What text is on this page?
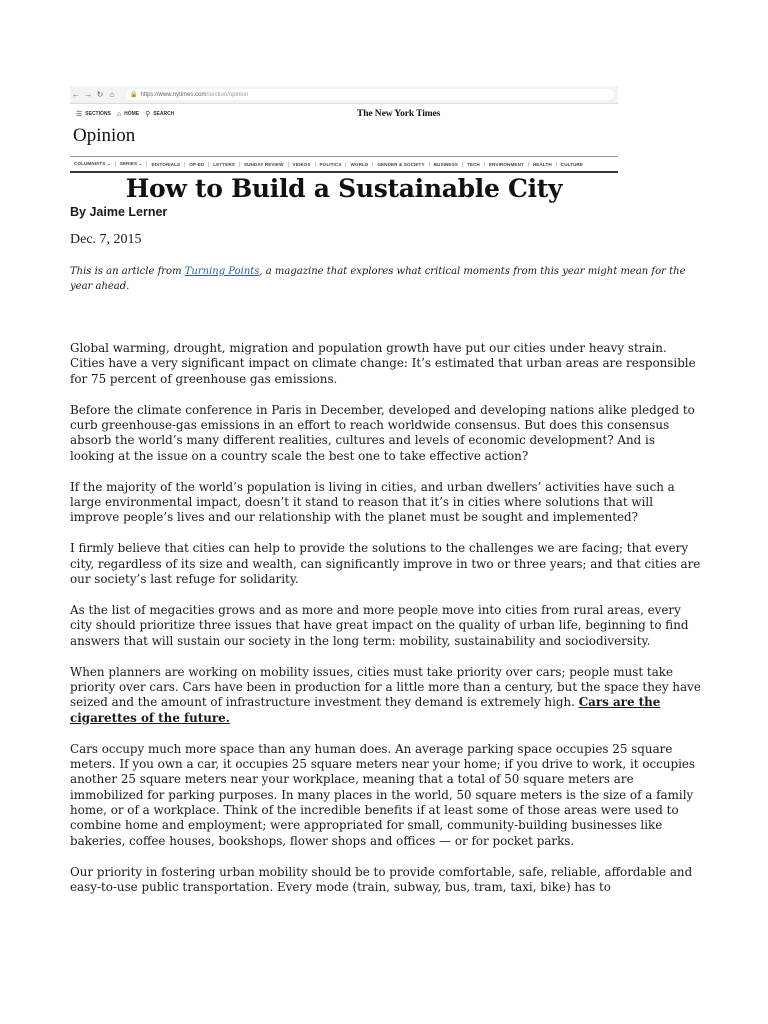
← → ↻ ⌂	🔒 https://www.nytimes.com /section/opinion
☰ SECTIONS ⌂ HOME ⚲ SEARCH	The New York Times
Opinion
COLUMNISTS ⌄	SERIES ⌄	EDITORIALS	OP-ED	LETTERS	SUNDAY REVIEW	VIDEOS	POLITICS	WORLD	GENDER & SOCIETY	BUSINESS	TECH	ENVIRONMENT	HEALTH	CULTURE
How to Build a Sustainable City
By Jaime Lerner
Dec. 7, 2015
This is an article from Turning Points, a magazine that explores what critical moments from this year might mean for the year ahead.

Global warming, drought, migration and population growth have put our cities under heavy strain. Cities have a very significant impact on climate change: It’s estimated that urban areas are responsible for 75 percent of greenhouse gas emissions.

Before the climate conference in Paris in December, developed and developing nations alike pledged to curb greenhouse-gas emissions in an effort to reach worldwide consensus. But does this consensus absorb the world’s many different realities, cultures and levels of economic development? And is looking at the issue on a country scale the best one to take effective action?

If the majority of the world’s population is living in cities, and urban dwellers’ activities have such a large environmental impact, doesn’t it stand to reason that it’s in cities where solutions that will improve people’s lives and our relationship with the planet must be sought and implemented?

I firmly believe that cities can help to provide the solutions to the challenges we are facing; that every city, regardless of its size and wealth, can significantly improve in two or three years; and that cities are our society’s last refuge for solidarity.

As the list of megacities grows and as more and more people move into cities from rural areas, every city should prioritize three issues that have great impact on the quality of urban life, beginning to find answers that will sustain our society in the long term: mobility, sustainability and sociodiversity.

When planners are working on mobility issues, cities must take priority over cars; people must take priority over cars. Cars have been in production for a little more than a century, but the space they have seized and the amount of infrastructure investment they demand is extremely high. Cars are the cigarettes of the future.

Cars occupy much more space than any human does. An average parking space occupies 25 square meters. If you own a car, it occupies 25 square meters near your home; if you drive to work, it occupies another 25 square meters near your workplace, meaning that a total of 50 square meters are immobilized for parking purposes. In many places in the world, 50 square meters is the size of a family home, or of a workplace. Think of the incredible benefits if at least some of those areas were used to combine home and employment; were appropriated for small, community-building businesses like bakeries, coffee houses, bookshops, flower shops and offices — or for pocket parks.

Our priority in fostering urban mobility should be to provide comfortable, safe, reliable, affordable and easy-to-use public transportation. Every mode (train, subway, bus, tram, taxi, bike) has to
